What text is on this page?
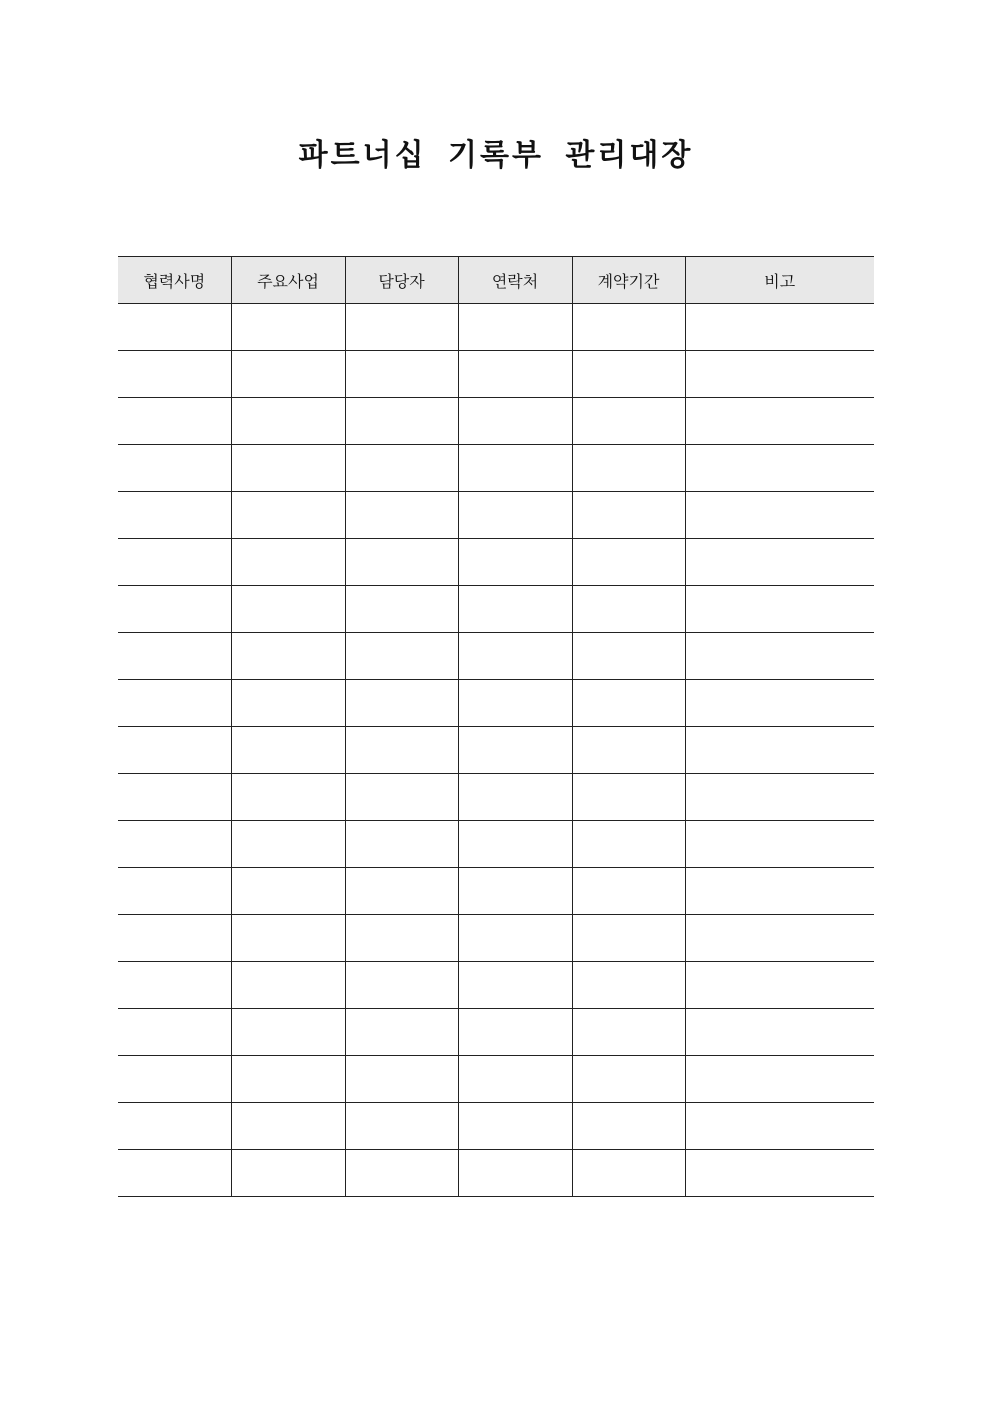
파트너십 기록부 관리대장
협력사명	주요사업	담당자	연락처	계약기간	비고
